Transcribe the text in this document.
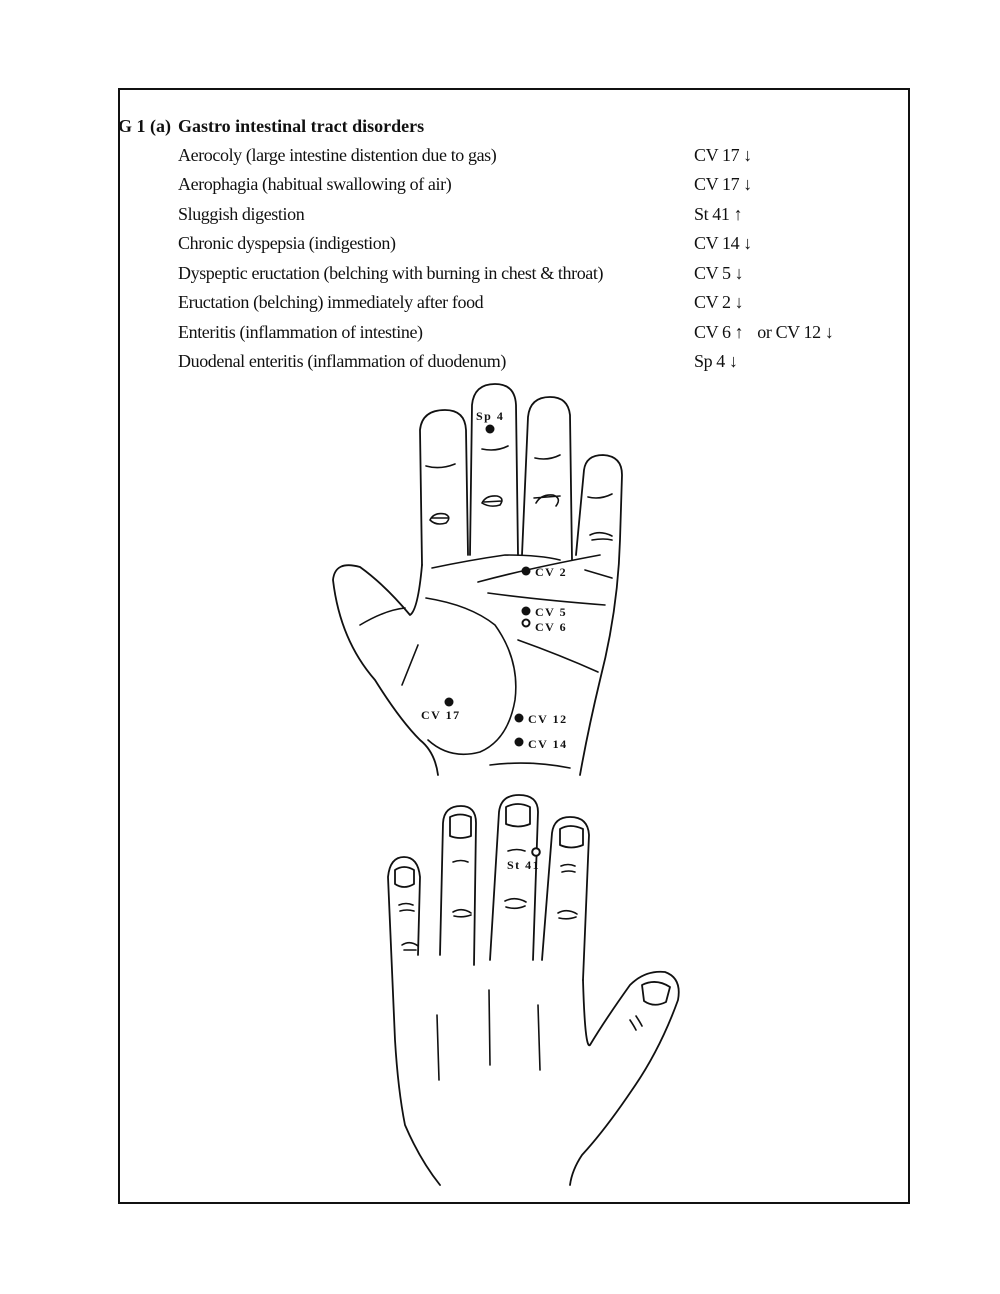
G 1 (a) Gastro intestinal tract disorders
Aerocoly (large intestine distention due to gas)	CV 17 ↓
Aerophagia (habitual swallowing of air)	CV 17 ↓
Sluggish digestion	St 41 ↑
Chronic dyspepsia (indigestion)	CV 14 ↓
Dyspeptic eructation (belching with burning in chest & throat)	CV 5 ↓
Eructation (belching) immediately after food	CV 2 ↓
Enteritis (inflammation of intestine)	CV 6 ↑ or CV 12 ↓
Duodenal enteritis (inflammation of duodenum)	Sp 4 ↓
Sp 4
CV 2
CV 5
CV 6
CV 17	CV 12
CV 14
St 41
